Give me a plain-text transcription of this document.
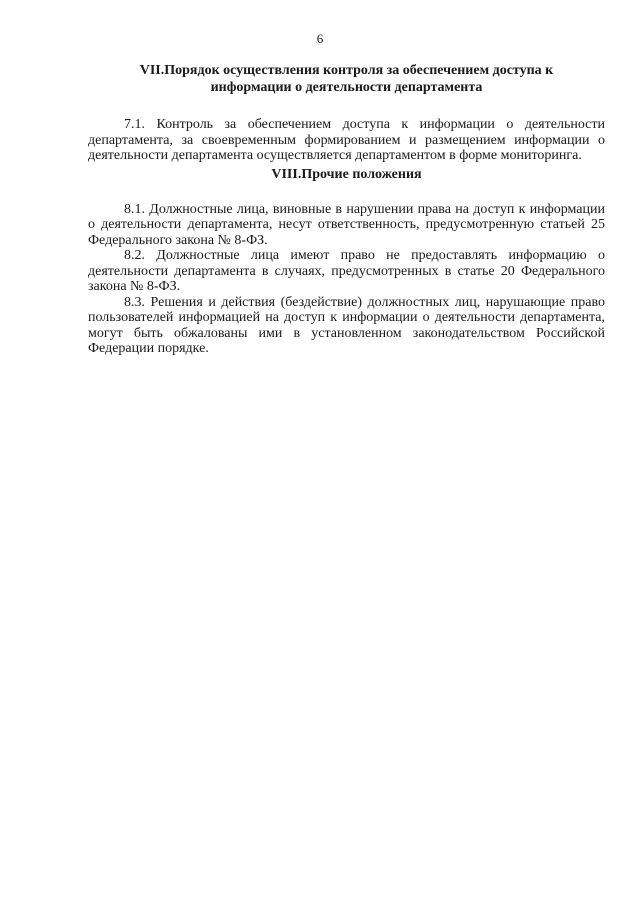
6
VII.Порядок осуществления контроля за обеспечением доступа к
информации о деятельности департамента

7.1. Контроль за обеспечением доступа к информации о деятельности департамента, за своевременным формированием и размещением информации о деятельности департамента осуществляется департаментом в форме мониторинга.

VIII.Прочие положения

8.1. Должностные лица, виновные в нарушении права на доступ к информации о деятельности департамента, несут ответственность, предусмотренную статьей 25 Федерального закона № 8-ФЗ.

8.2. Должностные лица имеют право не предоставлять информацию о деятельности департамента в случаях, предусмотренных в статье 20 Федерального закона № 8-ФЗ.

8.3. Решения и действия (бездействие) должностных лиц, нарушающие право пользователей информацией на доступ к информации о деятельности департамента, могут быть обжалованы ими в установленном законодательством Российской Федерации порядке.
